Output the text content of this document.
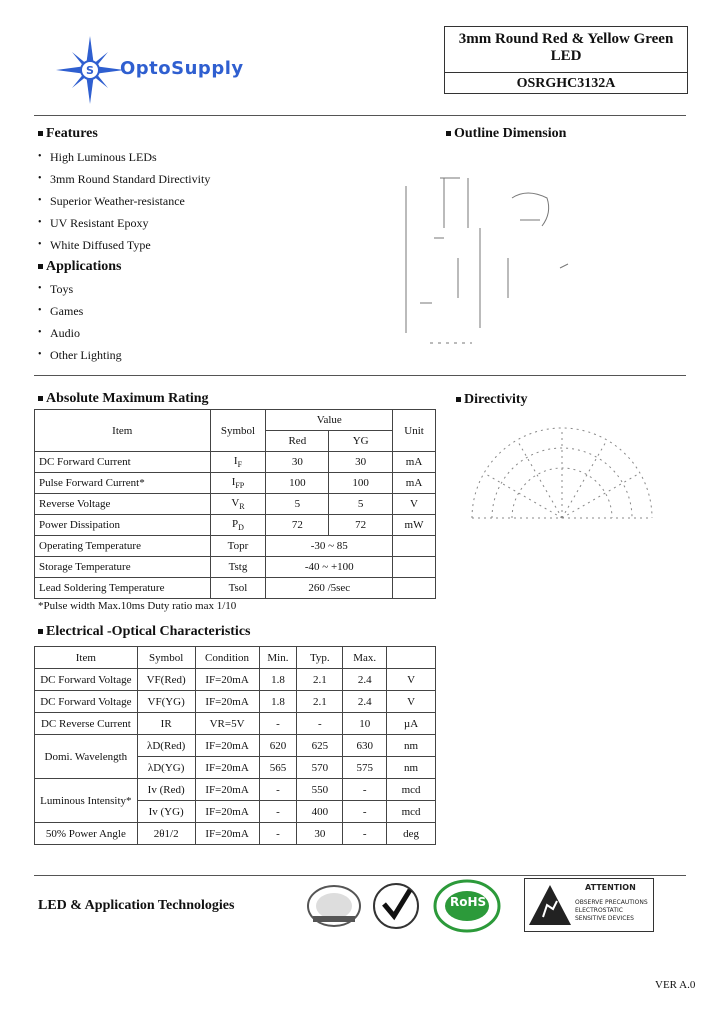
S OptoSupply
3mm Round Red & Yellow Green
LED
OSRGHC3132A
Features
• High Luminous LEDs
• 3mm Round Standard Directivity
• Superior Weather-resistance
• UV Resistant Epoxy
• White Diffused Type
Applications
• Toys
• Games
• Audio
• Other Lighting
Outline Dimension
Absolute Maximum Rating
Item	Symbol	Value		Unit
		Red	YG	
DC Forward Current	$I_F$	30	30	mA
Pulse Forward Current*	$I_{FP}$	100	100	mA
Reverse Voltage	$V_R$	5	5	V
Power Dissipation	$P_D$	72	72	mW
Operating Temperature	Topr	-30 ~ 85		
Storage Temperature	Tstg	-40 ~ +100		
Lead Soldering Temperature	Tsol	260 /5sec		
*Pulse width Max.10ms Duty ratio max 1/10
Directivity
Electrical -Optical Characteristics
Item	Symbol	Condition	Min.	Typ.	Max.	
DC Forward Voltage	VF(Red)	IF=20mA	1.8	2.1	2.4	V
DC Forward Voltage	VF(YG)	IF=20mA	1.8	2.1	2.4	V
DC Reverse Current	IR	VR=5V	-	-	10	µA
Domi. Wavelength	λD(Red)	IF=20mA	620	625	630	nm
	λD(YG)	IF=20mA	565	570	575	nm
Luminous Intensity*	Iv (Red)	IF=20mA	-	550	-	mcd
	Iv (YG)	IF=20mA	-	400	-	mcd
50% Power Angle	2θ1/2	IF=20mA	-	30	-	deg
LED & Application Technologies	RoHS
ATTENTION
OBSERVE PRECAUTIONS
ELECTROSTATIC
SENSITIVE DEVICES
VER A.0
